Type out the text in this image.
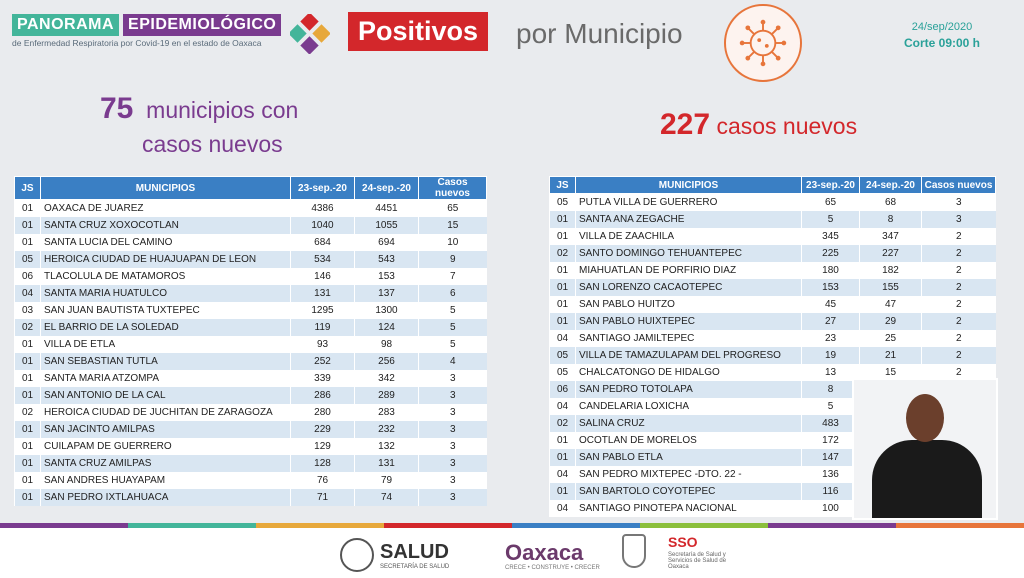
PANORAMA EPIDEMIOLÓGICO
de Enfermedad Respiratoria por Covid-19 en el estado de Oaxaca	Positivos	por Municipio	24/sep/2020
Corte 09:00 h
75 municipios con
casos nuevos
227 casos nuevos
JS	MUNICIPIOS	23-sep.-20	24-sep.-20	Casos nuevos
01	OAXACA DE JUAREZ	4386	4451	65
01	SANTA CRUZ XOXOCOTLAN	1040	1055	15
01	SANTA LUCIA DEL CAMINO	684	694	10
05	HEROICA CIUDAD DE HUAJUAPAN DE LEON	534	543	9
06	TLACOLULA DE MATAMOROS	146	153	7
04	SANTA MARIA HUATULCO	131	137	6
03	SAN JUAN BAUTISTA TUXTEPEC	1295	1300	5
02	EL BARRIO DE LA SOLEDAD	119	124	5
01	VILLA DE ETLA	93	98	5
01	SAN SEBASTIAN TUTLA	252	256	4
01	SANTA MARIA ATZOMPA	339	342	3
01	SAN ANTONIO DE LA CAL	286	289	3
02	HEROICA CIUDAD DE JUCHITAN DE ZARAGOZA	280	283	3
01	SAN JACINTO AMILPAS	229	232	3
01	CUILAPAM DE GUERRERO	129	132	3
01	SANTA CRUZ AMILPAS	128	131	3
01	SAN ANDRES HUAYAPAM	76	79	3
01	SAN PEDRO IXTLAHUACA	71	74	3
JS	MUNICIPIOS	23-sep.-20	24-sep.-20	Casos nuevos
05	PUTLA VILLA DE GUERRERO	65	68	3
01	SANTA ANA ZEGACHE	5	8	3
01	VILLA DE ZAACHILA	345	347	2
02	SANTO DOMINGO TEHUANTEPEC	225	227	2
01	MIAHUATLAN DE PORFIRIO DIAZ	180	182	2
01	SAN LORENZO CACAOTEPEC	153	155	2
01	SAN PABLO HUITZO	45	47	2
01	SAN PABLO HUIXTEPEC	27	29	2
04	SANTIAGO JAMILTEPEC	23	25	2
05	VILLA DE TAMAZULAPAM DEL PROGRESO	19	21	2
05	CHALCATONGO DE HIDALGO	13	15	2
06	SAN PEDRO TOTOLAPA	8		
04	CANDELARIA LOXICHA	5		
02	SALINA CRUZ	483		
01	OCOTLAN DE MORELOS	172		
01	SAN PABLO ETLA	147		
04	SAN PEDRO MIXTEPEC -DTO. 22 -	136		
01	SAN BARTOLO COYOTEPEC	116		
04	SANTIAGO PINOTEPA NACIONAL	100		
SALUD
SECRETARÍA DE SALUD
Oaxaca
CRECE • CONSTRUYE • CRECER
SSO
Secretaría de Salud y Servicios de Salud de Oaxaca
